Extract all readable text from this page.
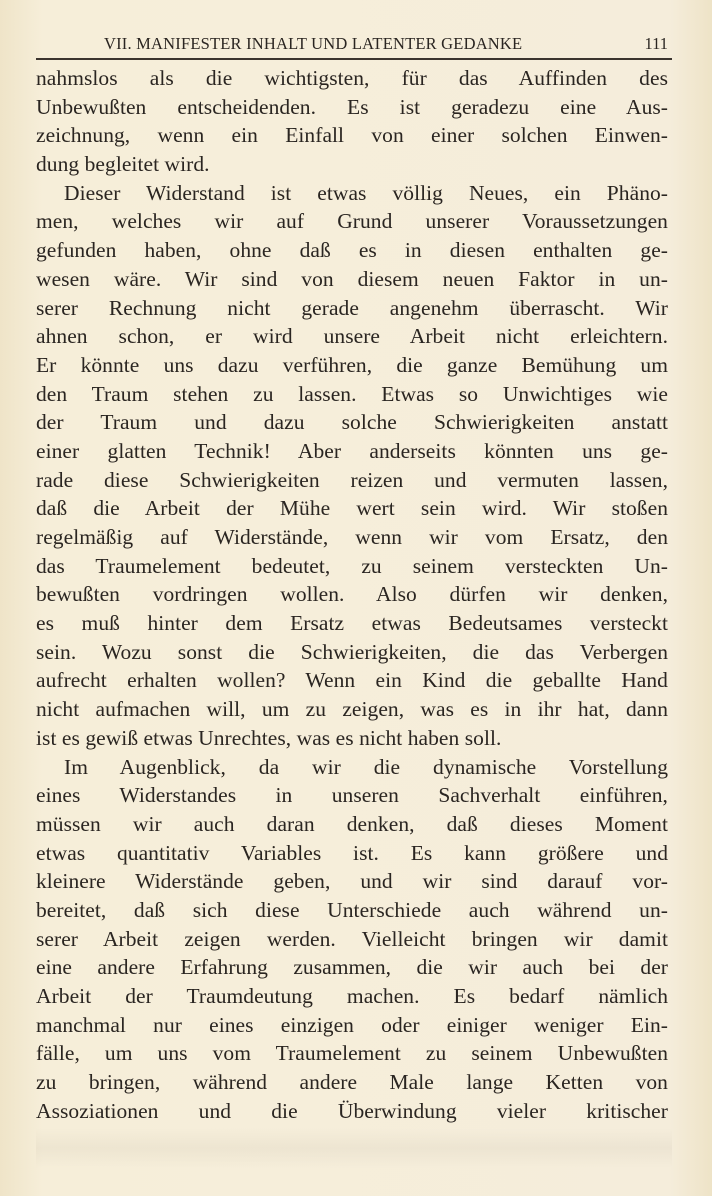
VII. MANIFESTER INHALT UND LATENTER GEDANKE	111
nahmslos als die wichtigsten, für das Auffinden des
Unbewußten entscheidenden. Es ist geradezu eine Aus-
zeichnung, wenn ein Einfall von einer solchen Einwen-
dung begleitet wird.
Dieser Widerstand ist etwas völlig Neues, ein Phäno-
men, welches wir auf Grund unserer Voraussetzungen
gefunden haben, ohne daß es in diesen enthalten ge-
wesen wäre. Wir sind von diesem neuen Faktor in un-
serer Rechnung nicht gerade angenehm überrascht. Wir
ahnen schon, er wird unsere Arbeit nicht erleichtern.
Er könnte uns dazu verführen, die ganze Bemühung um
den Traum stehen zu lassen. Etwas so Unwichtiges wie
der Traum und dazu solche Schwierigkeiten anstatt
einer glatten Technik! Aber anderseits könnten uns ge-
rade diese Schwierigkeiten reizen und vermuten lassen,
daß die Arbeit der Mühe wert sein wird. Wir stoßen
regelmäßig auf Widerstände, wenn wir vom Ersatz, den
das Traumelement bedeutet, zu seinem versteckten Un-
bewußten vordringen wollen. Also dürfen wir denken,
es muß hinter dem Ersatz etwas Bedeutsames versteckt
sein. Wozu sonst die Schwierigkeiten, die das Verbergen
aufrecht erhalten wollen? Wenn ein Kind die geballte Hand
nicht aufmachen will, um zu zeigen, was es in ihr hat, dann
ist es gewiß etwas Unrechtes, was es nicht haben soll.
Im Augenblick, da wir die dynamische Vorstellung
eines Widerstandes in unseren Sachverhalt einführen,
müssen wir auch daran denken, daß dieses Moment
etwas quantitativ Variables ist. Es kann größere und
kleinere Widerstände geben, und wir sind darauf vor-
bereitet, daß sich diese Unterschiede auch während un-
serer Arbeit zeigen werden. Vielleicht bringen wir damit
eine andere Erfahrung zusammen, die wir auch bei der
Arbeit der Traumdeutung machen. Es bedarf nämlich
manchmal nur eines einzigen oder einiger weniger Ein-
fälle, um uns vom Traumelement zu seinem Unbewußten
zu bringen, während andere Male lange Ketten von
Assoziationen und die Überwindung vieler kritischer
